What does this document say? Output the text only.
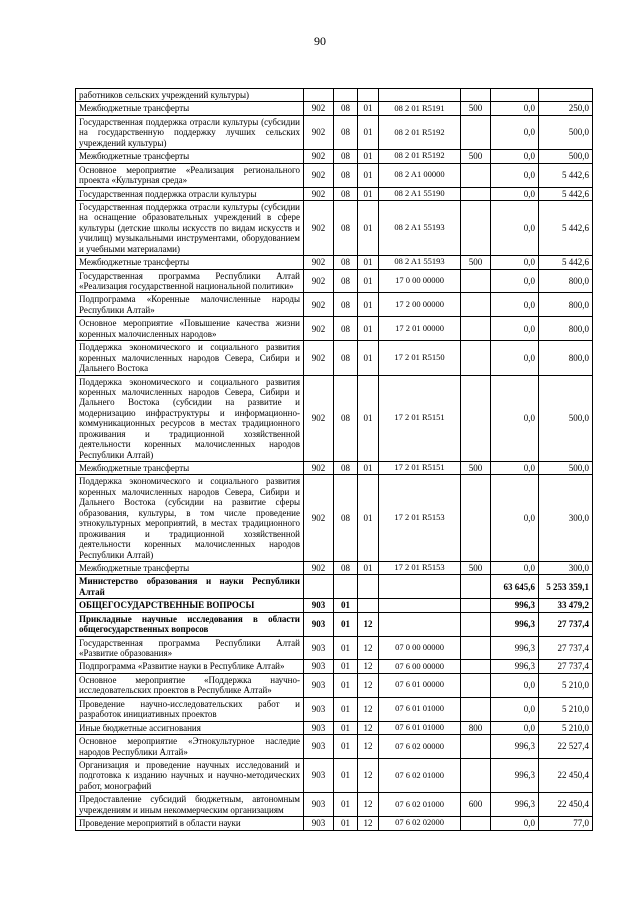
90
работников сельских учреждений культуры)							
Межбюджетные трансферты	902	08	01	08 2 01 R5191	500	0,0	250,0
Государственная поддержка отрасли культуры (субсидии на государственную поддержку лучших сельских учреждений культуры)	902	08	01	08 2 01 R5192		0,0	500,0
Межбюджетные трансферты	902	08	01	08 2 01 R5192	500	0,0	500,0
Основное мероприятие «Реализация регионального проекта «Культурная среда»	902	08	01	08 2 A1 00000		0,0	5 442,6
Государственная поддержка отрасли культуры	902	08	01	08 2 A1 55190		0,0	5 442,6
Государственная поддержка отрасли культуры (субсидии на оснащение образовательных учреждений в сфере культуры (детские школы искусств по видам искусств и училищ) музыкальными инструментами, оборудованием и учебными материалами)	902	08	01	08 2 A1 55193		0,0	5 442,6
Межбюджетные трансферты	902	08	01	08 2 A1 55193	500	0,0	5 442,6
Государственная программа Республики Алтай «Реализация государственной национальной политики»	902	08	01	17 0 00 00000		0,0	800,0
Подпрограмма «Коренные малочисленные народы Республики Алтай»	902	08	01	17 2 00 00000		0,0	800,0
Основное мероприятие «Повышение качества жизни коренных малочисленных народов»	902	08	01	17 2 01 00000		0,0	800,0
Поддержка экономического и социального развития коренных малочисленных народов Севера, Сибири и Дальнего Востока	902	08	01	17 2 01 R5150		0,0	800,0
Поддержка экономического и социального развития коренных малочисленных народов Севера, Сибири и Дальнего Востока (субсидии на развитие и модернизацию инфраструктуры и информационно-коммуникационных ресурсов в местах традиционного проживания и традиционной хозяйственной деятельности коренных малочисленных народов Республики Алтай)	902	08	01	17 2 01 R5151		0,0	500,0
Межбюджетные трансферты	902	08	01	17 2 01 R5151	500	0,0	500,0
Поддержка экономического и социального развития коренных малочисленных народов Севера, Сибири и Дальнего Востока (субсидии на развитие сферы образования, культуры, в том числе проведение этнокультурных мероприятий, в местах традиционного проживания и традиционной хозяйственной деятельности коренных малочисленных народов Республики Алтай)	902	08	01	17 2 01 R5153		0,0	300,0
Межбюджетные трансферты	902	08	01	17 2 01 R5153	500	0,0	300,0
Министерство образования и науки Республики Алтай						63 645,6	5 253 359,1
ОБЩЕГОСУДАРСТВЕННЫЕ ВОПРОСЫ	903	01				996,3	33 479,2
Прикладные научные исследования в области общегосударственных вопросов	903	01	12			996,3	27 737,4
Государственная программа Республики Алтай «Развитие образования»	903	01	12	07 0 00 00000		996,3	27 737,4
Подпрограмма «Развитие науки в Республике Алтай»	903	01	12	07 6 00 00000		996,3	27 737,4
Основное мероприятие «Поддержка научно-исследовательских проектов в Республике Алтай»	903	01	12	07 6 01 00000		0,0	5 210,0
Проведение научно-исследовательских работ и разработок инициативных проектов	903	01	12	07 6 01 01000		0,0	5 210,0
Иные бюджетные ассигнования	903	01	12	07 6 01 01000	800	0,0	5 210,0
Основное мероприятие «Этнокультурное наследие народов Республики Алтай»	903	01	12	07 6 02 00000		996,3	22 527,4
Организация и проведение научных исследований и подготовка к изданию научных и научно-методических работ, монографий	903	01	12	07 6 02 01000		996,3	22 450,4
Предоставление субсидий бюджетным, автономным учреждениям и иным некоммерческим организациям	903	01	12	07 6 02 01000	600	996,3	22 450,4
Проведение мероприятий в области науки	903	01	12	07 6 02 02000		0,0	77,0
